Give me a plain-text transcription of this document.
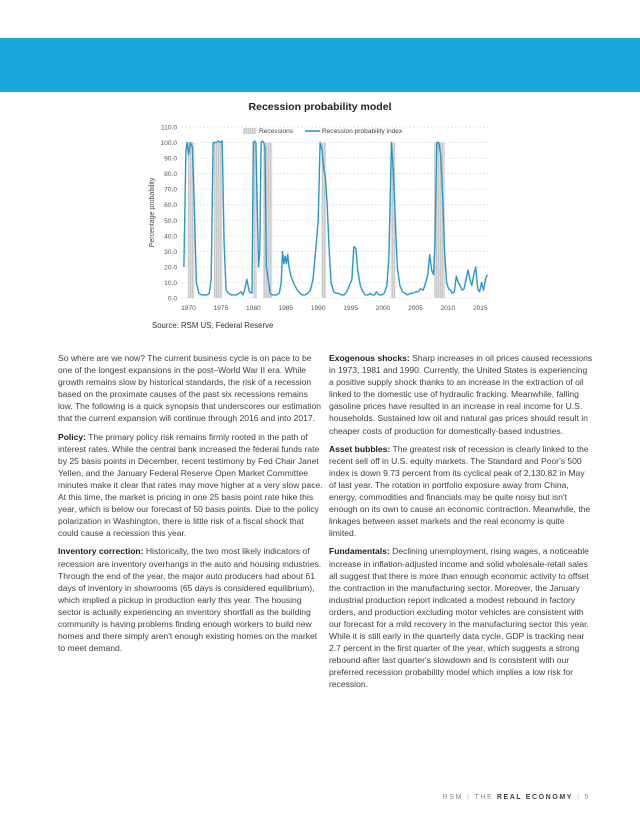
Recession probability model
0.0
10.0
20.0
30.0
40.0
50.0
60.0
70.0
80.0
90.0
100.0
110.0
1970	1975	1980	1985	1990	1995	2000	2005	2010	2015
Percentage probability
Recessions	Recession probability index
Source: RSM US, Federal Reserve

So where are we now? The current business cycle is on pace to be one of the longest expansions in the post–World War II era. While growth remains slow by historical standards, the risk of a recession based on the proximate causes of the past six recessions remains low. The following is a quick synopsis that underscores our estimation that the current expansion will continue through 2016 and into 2017.

Policy: The primary policy risk remains firmly rooted in the path of interest rates. While the central bank increased the federal funds rate by 25 basis points in December, recent testimony by Fed Chair Janet Yellen, and the January Federal Reserve Open Market Committee minutes make it clear that rates may move higher at a very slow pace. At this time, the market is pricing in one 25 basis point rate hike this year, which is below our forecast of 50 basis points. Due to the policy polarization in Washington, there is little risk of a fiscal shock that could cause a recession this year.

Inventory correction: Historically, the two most likely indicators of recession are inventory overhangs in the auto and housing industries. Through the end of the year, the major auto producers had about 61 days of inventory in showrooms (65 days is considered equilibrium), which implied a pickup in production early this year. The housing sector is actually experiencing an inventory shortfall as the building community is having problems finding enough workers to build new homes and there simply aren't enough existing homes on the market to meet demand.

Exogenous shocks: Sharp increases in oil prices caused recessions in 1973, 1981 and 1990. Currently, the United States is experiencing a positive supply shock thanks to an increase in the extraction of oil linked to the domestic use of hydraulic fracking. Meanwhile, falling gasoline prices have resulted in an increase in real income for U.S. households. Sustained low oil and natural gas prices should result in cheaper costs of production for domestically-based industries.

Asset bubbles: The greatest risk of recession is clearly linked to the recent sell off in U.S. equity markets. The Standard and Poor's 500 index is down 9.73 percent from its cyclical peak of 2,130.82 in May of last year. The rotation in portfolio exposure away from China, energy, commodities and financials may be quite noisy but isn't enough on its own to cause an economic contraction. Meanwhile, the linkages between asset markets and the real economy is quite limited.

Fundamentals: Declining unemployment, rising wages, a noticeable increase in inflation-adjusted income and solid wholesale-retail sales all suggest that there is more than enough economic activity to offset the contraction in the manufacturing sector. Moreover, the January industrial production report indicated a modest rebound in factory orders, and production excluding motor vehicles are consistent with our forecast for a mild recovery in the manufacturing sector this year. While it is still early in the quarterly data cycle, GDP is tracking near 2.7 percent in the first quarter of the year, which suggests a strong rebound after last quarter's slowdown and is consistent with our preferred recession probability model which implies a low risk for recession.

RSM | THE REAL ECONOMY | 5
